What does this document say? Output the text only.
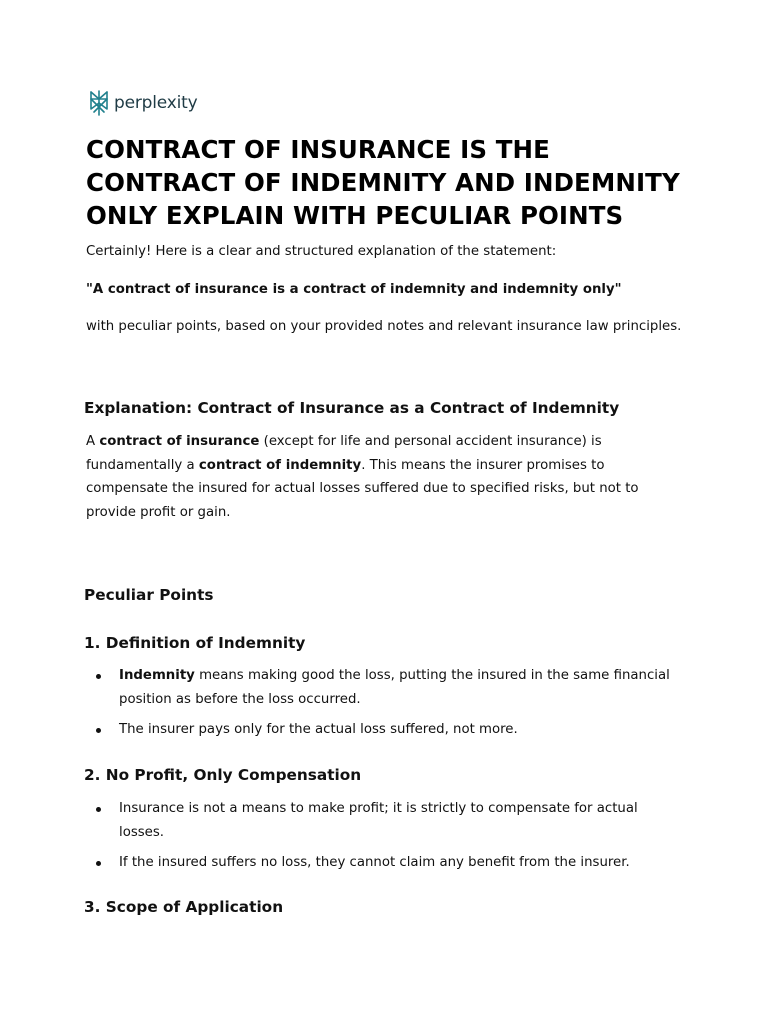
perplexity
CONTRACT OF INSURANCE IS THE CONTRACT OF INDEMNITY AND INDEMNITY ONLY EXPLAIN WITH PECULIAR POINTS

Certainly! Here is a clear and structured explanation of the statement:

"A contract of insurance is a contract of indemnity and indemnity only"

with peculiar points, based on your provided notes and relevant insurance law principles.

Explanation: Contract of Insurance as a Contract of Indemnity

A contract of insurance (except for life and personal accident insurance) is fundamentally a contract of indemnity. This means the insurer promises to compensate the insured for actual losses suffered due to specified risks, but not to provide profit or gain.

Peculiar Points
1. Definition of Indemnity
Indemnity means making good the loss, putting the insured in the same financial position as before the loss occurred.
The insurer pays only for the actual loss suffered, not more.
2. No Profit, Only Compensation
Insurance is not a means to make profit; it is strictly to compensate for actual losses.
If the insured suffers no loss, they cannot claim any benefit from the insurer.
3. Scope of Application
